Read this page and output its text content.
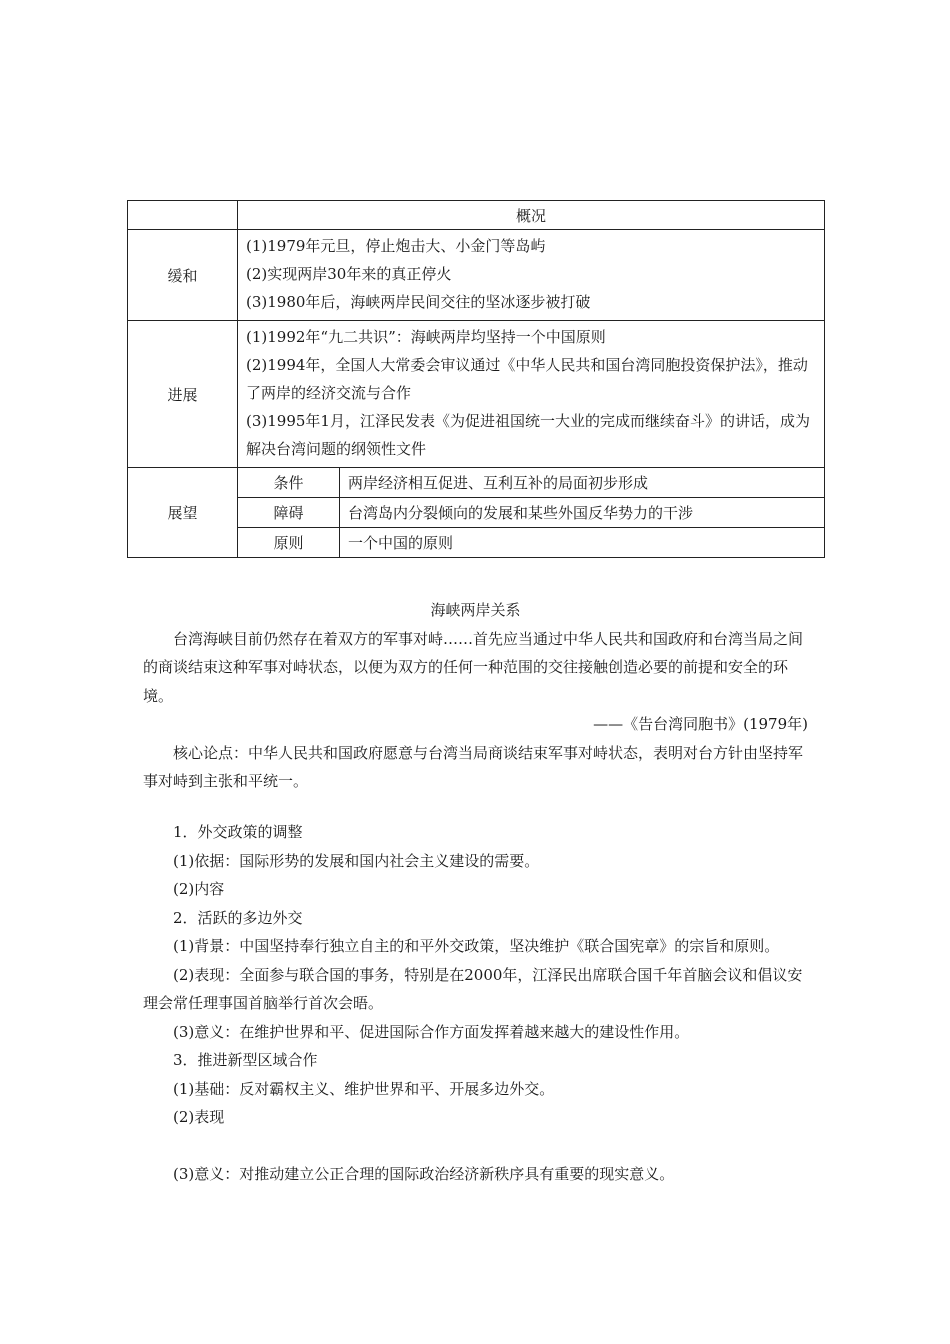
	概况	
缓和	(1)1979年元旦，停止炮击大、小金门等岛屿
(2)实现两岸30年来的真正停火
(3)1980年后，海峡两岸民间交往的坚冰逐步被打破	

进展	(1)1992年“九二共识”：海峡两岸均坚持一个中国原则
(2)1994年，全国人大常委会审议通过《中华人民共和国台湾同胞投资保护法》，推动了两岸的经济交流与合作
(3)1995年1月，江泽民发表《为促进祖国统一大业的完成而继续奋斗》的讲话，成为解决台湾问题的纲领性文件	

展望	条件	两岸经济相互促进、互利互补的局面初步形成
	障碍	台湾岛内分裂倾向的发展和某些外国反华势力的干涉
	原则	一个中国的原则

海峡两岸关系

台湾海峡目前仍然存在着双方的军事对峙……首先应当通过中华人民共和国政府和台湾当局之间的商谈结束这种军事对峙状态，以便为双方的任何一种范围的交往接触创造必要的前提和安全的环境。

——《告台湾同胞书》(1979年)

核心论点：中华人民共和国政府愿意与台湾当局商谈结束军事对峙状态，表明对台方针由坚持军事对峙到主张和平统一。

1．外交政策的调整

(1)依据：国际形势的发展和国内社会主义建设的需要。

(2)内容

2．活跃的多边外交

(1)背景：中国坚持奉行独立自主的和平外交政策，坚决维护《联合国宪章》的宗旨和原则。

(2)表现：全面参与联合国的事务，特别是在2000年，江泽民出席联合国千年首脑会议和倡议安理会常任理事国首脑举行首次会晤。

(3)意义：在维护世界和平、促进国际合作方面发挥着越来越大的建设性作用。

3．推进新型区域合作

(1)基础：反对霸权主义、维护世界和平、开展多边外交。

(2)表现

(3)意义：对推动建立公正合理的国际政治经济新秩序具有重要的现实意义。
